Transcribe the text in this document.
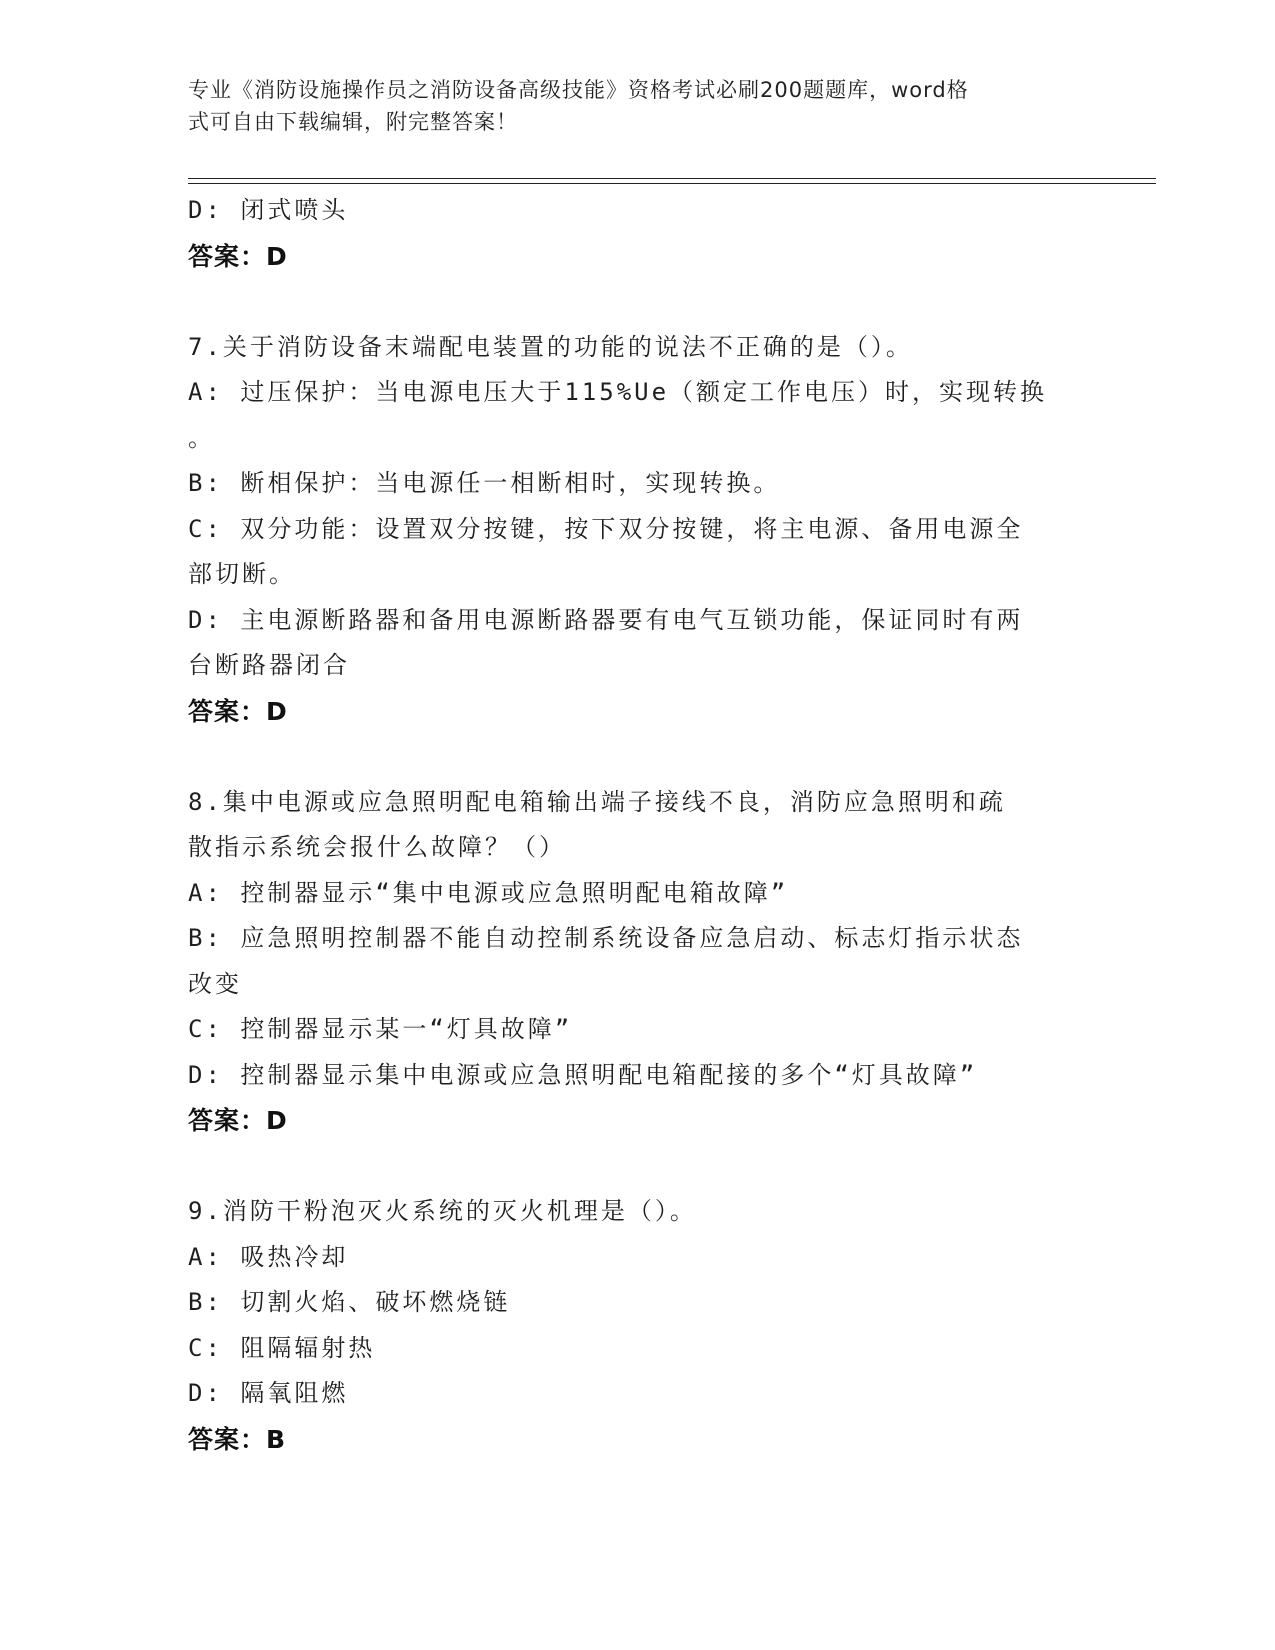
专业《消防设施操作员之消防设备高级技能》资格考试必刷200题题库，word格
式可自由下载编辑，附完整答案！
D: 闭式喷头
答案：D
7.关于消防设备末端配电装置的功能的说法不正确的是（）。
A: 过压保护：当电源电压大于115%Ue（额定工作电压）时，实现转换
。
B: 断相保护：当电源任一相断相时，实现转换。
C: 双分功能：设置双分按键，按下双分按键，将主电源、备用电源全
部切断。
D: 主电源断路器和备用电源断路器要有电气互锁功能，保证同时有两
台断路器闭合
答案：D
8.集中电源或应急照明配电箱输出端子接线不良，消防应急照明和疏
散指示系统会报什么故障？（）
A: 控制器显示“集中电源或应急照明配电箱故障”
B: 应急照明控制器不能自动控制系统设备应急启动、标志灯指示状态
改变
C: 控制器显示某一“灯具故障”
D: 控制器显示集中电源或应急照明配电箱配接的多个“灯具故障”
答案：D
9.消防干粉泡灭火系统的灭火机理是（）。
A: 吸热冷却
B: 切割火焰、破坏燃烧链
C: 阻隔辐射热
D: 隔氧阻燃
答案：B
